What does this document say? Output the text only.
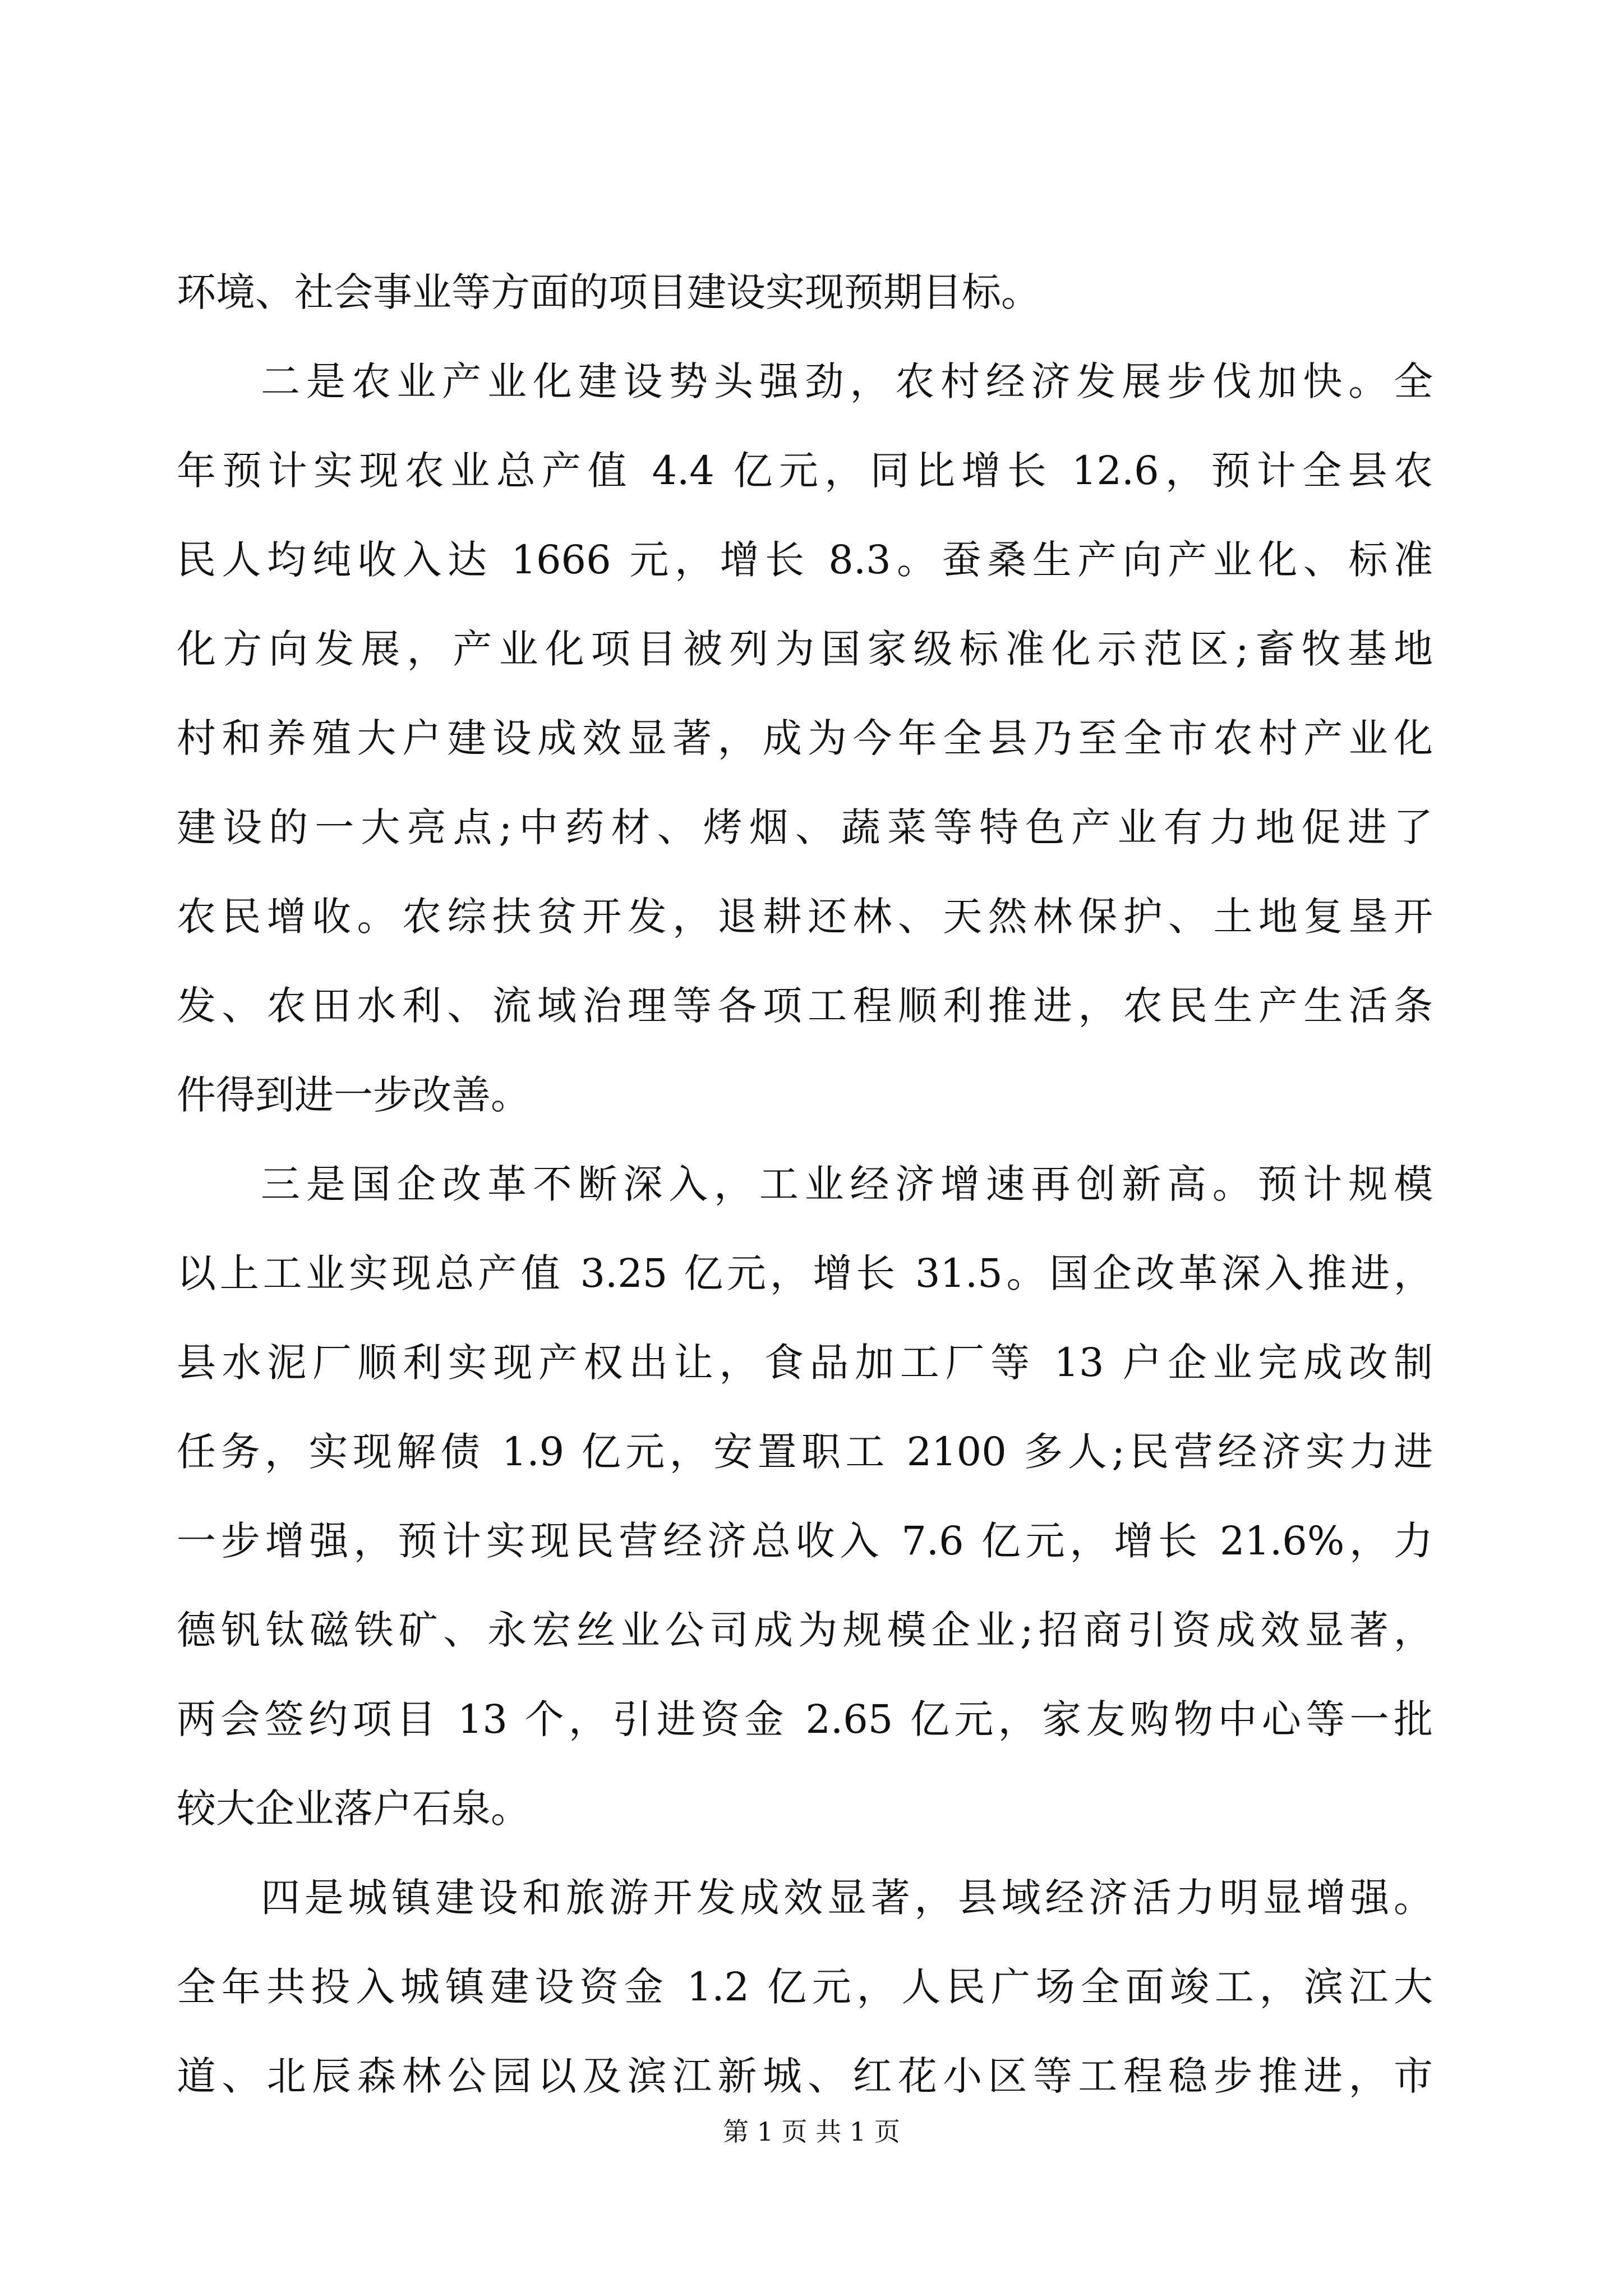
环境、社会事业等方面的项目建设实现预期目标。
二是农业产业化建设势头强劲，农村经济发展步伐加快。全
年预计实现农业总产值 4.4 亿元，同比增长 12.6，预计全县农
民人均纯收入达 1666 元，增长 8.3。蚕桑生产向产业化、标准
化方向发展，产业化项目被列为国家级标准化示范区;畜牧基地
村和养殖大户建设成效显著，成为今年全县乃至全市农村产业化
建设的一大亮点;中药材、烤烟、蔬菜等特色产业有力地促进了
农民增收。农综扶贫开发，退耕还林、天然林保护、土地复垦开
发、农田水利、流域治理等各项工程顺利推进，农民生产生活条
件得到进一步改善。
三是国企改革不断深入，工业经济增速再创新高。预计规模
以上工业实现总产值 3.25 亿元，增长 31.5。国企改革深入推进，
县水泥厂顺利实现产权出让，食品加工厂等 13 户企业完成改制
任务，实现解债 1.9 亿元，安置职工 2100 多人;民营经济实力进
一步增强，预计实现民营经济总收入 7.6 亿元，增长 21.6%，力
德钒钛磁铁矿、永宏丝业公司成为规模企业;招商引资成效显著，
两会签约项目 13 个，引进资金 2.65 亿元，家友购物中心等一批
较大企业落户石泉。
四是城镇建设和旅游开发成效显著，县域经济活力明显增强。
全年共投入城镇建设资金 1.2 亿元，人民广场全面竣工，滨江大
道、北辰森林公园以及滨江新城、红花小区等工程稳步推进，市
第 1 页 共 1 页
